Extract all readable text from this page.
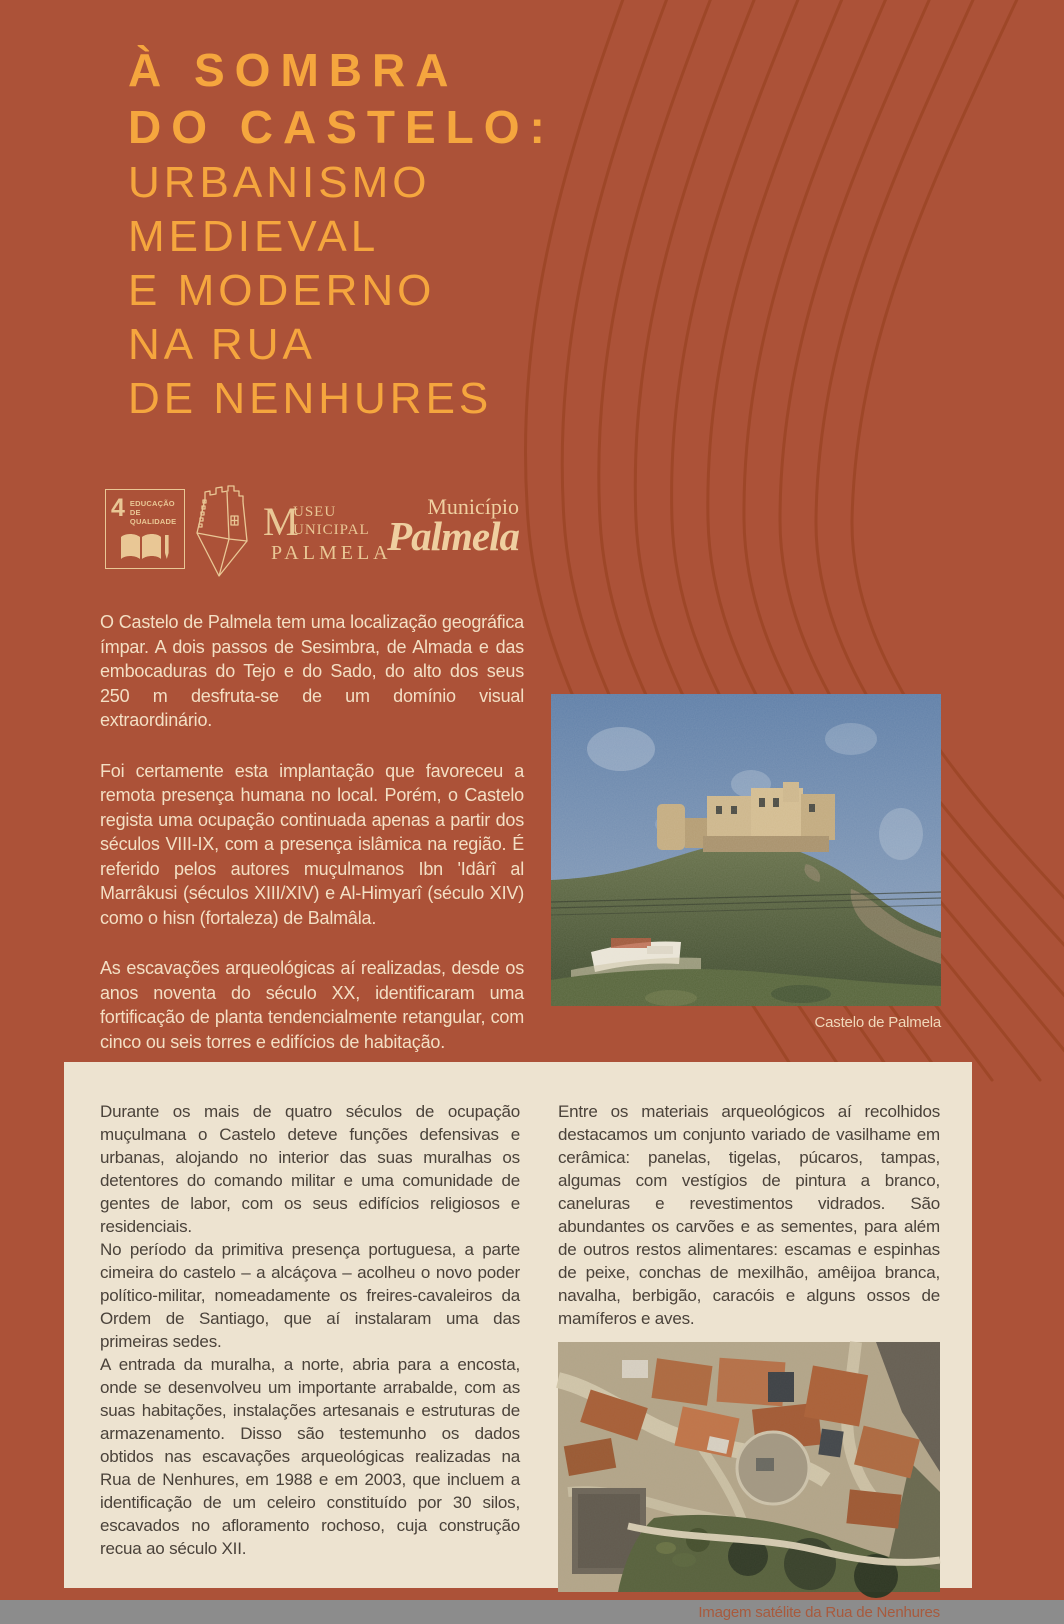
À SOMBRA
DO CASTELO:
URBANISMO
MEDIEVAL
E MODERNO
NA RUA
DE NENHURES
4 EDUCAÇÃO
DE QUALIDADE M
USEU
UNICIPAL
PALMELA
Município
Palmela

O Castelo de Palmela tem uma localização geográfica ímpar. A dois passos de Sesimbra, de Almada e das embocaduras do Tejo e do Sado, do alto dos seus 250 m desfruta-se de um domínio visual extraordinário.

Foi certamente esta implantação que favoreceu a remota presença humana no local. Porém, o Castelo regista uma ocupação continuada apenas a partir dos séculos VIII-IX, com a presença islâmica na região. É referido pelos autores muçulmanos Ibn 'Idârî al Marrâkusi (séculos XIII/XIV) e Al-Himyarî (século XIV) como o hisn (fortaleza) de Balmâla.

As escavações arqueológicas aí realizadas, desde os anos noventa do século XX, identificaram uma fortificação de planta tendencialmente retangular, com cinco ou seis torres e edifícios de habitação.

Castelo de Palmela

Durante os mais de quatro séculos de ocupação muçulmana o Castelo deteve funções defensivas e urbanas, alojando no interior das suas muralhas os detentores do comando militar e uma comunidade de gentes de labor, com os seus edifícios religiosos e residenciais.

No período da primitiva presença portuguesa, a parte cimeira do castelo – a alcáçova – acolheu o novo poder político-militar, nomeadamente os freires-cavaleiros da Ordem de Santiago, que aí instalaram uma das primeiras sedes.

A entrada da muralha, a norte, abria para a encosta, onde se desenvolveu um importante arrabalde, com as suas habitações, instalações artesanais e estruturas de armazenamento. Disso são testemunho os dados obtidos nas escavações arqueológicas realizadas na Rua de Nenhures, em 1988 e em 2003, que incluem a identificação de um celeiro constituído por 30 silos, escavados no afloramento rochoso, cuja construção recua ao século XII.

Entre os materiais arqueológicos aí recolhidos destacamos um conjunto variado de vasilhame em cerâmica: panelas, tigelas, púcaros, tampas, algumas com vestígios de pintura a branco, caneluras e revestimentos vidrados. São abundantes os carvões e as sementes, para além de outros restos alimentares: escamas e espinhas de peixe, conchas de mexilhão, amêijoa branca, navalha, berbigão, caracóis e alguns ossos de mamíferos e aves.

Imagem satélite da Rua de Nenhures
